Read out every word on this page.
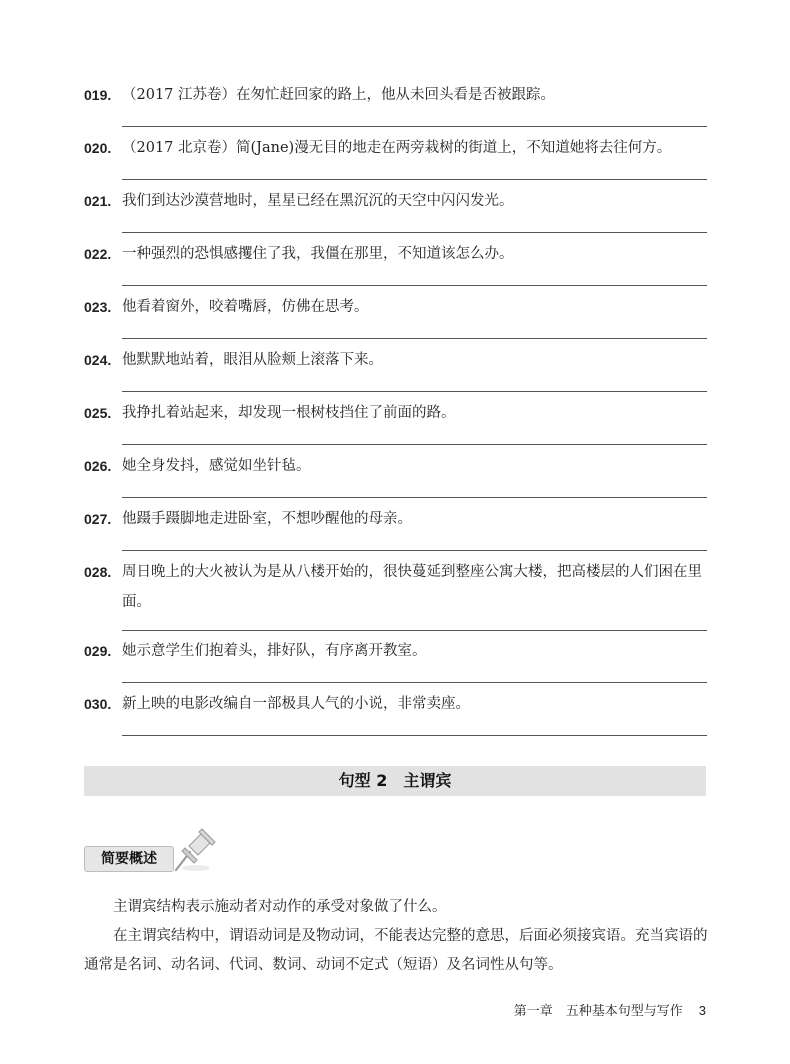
019. （2017 江苏卷）在匆忙赶回家的路上，他从未回头看是否被跟踪。
020. （2017 北京卷）简(Jane)漫无目的地走在两旁栽树的街道上，不知道她将去往何方。
021. 我们到达沙漠营地时，星星已经在黑沉沉的天空中闪闪发光。
022. 一种强烈的恐惧感攫住了我，我僵在那里，不知道该怎么办。
023. 他看着窗外，咬着嘴唇，仿佛在思考。
024. 他默默地站着，眼泪从脸颊上滚落下来。
025. 我挣扎着站起来，却发现一根树枝挡住了前面的路。
026. 她全身发抖，感觉如坐针毡。
027. 他蹑手蹑脚地走进卧室，不想吵醒他的母亲。
028. 周日晚上的大火被认为是从八楼开始的，很快蔓延到整座公寓大楼，把高楼层的人们困在里面。
029. 她示意学生们抱着头，排好队，有序离开教室。
030. 新上映的电影改编自一部极具人气的小说，非常卖座。
句型 2　主谓宾
简要概述
主谓宾结构表示施动者对动作的承受对象做了什么。
在主谓宾结构中，谓语动词是及物动词，不能表达完整的意思，后面必须接宾语。充当宾语的通常是名词、动名词、代词、数词、动词不定式（短语）及名词性从句等。
第一章　五种基本句型与写作 3
